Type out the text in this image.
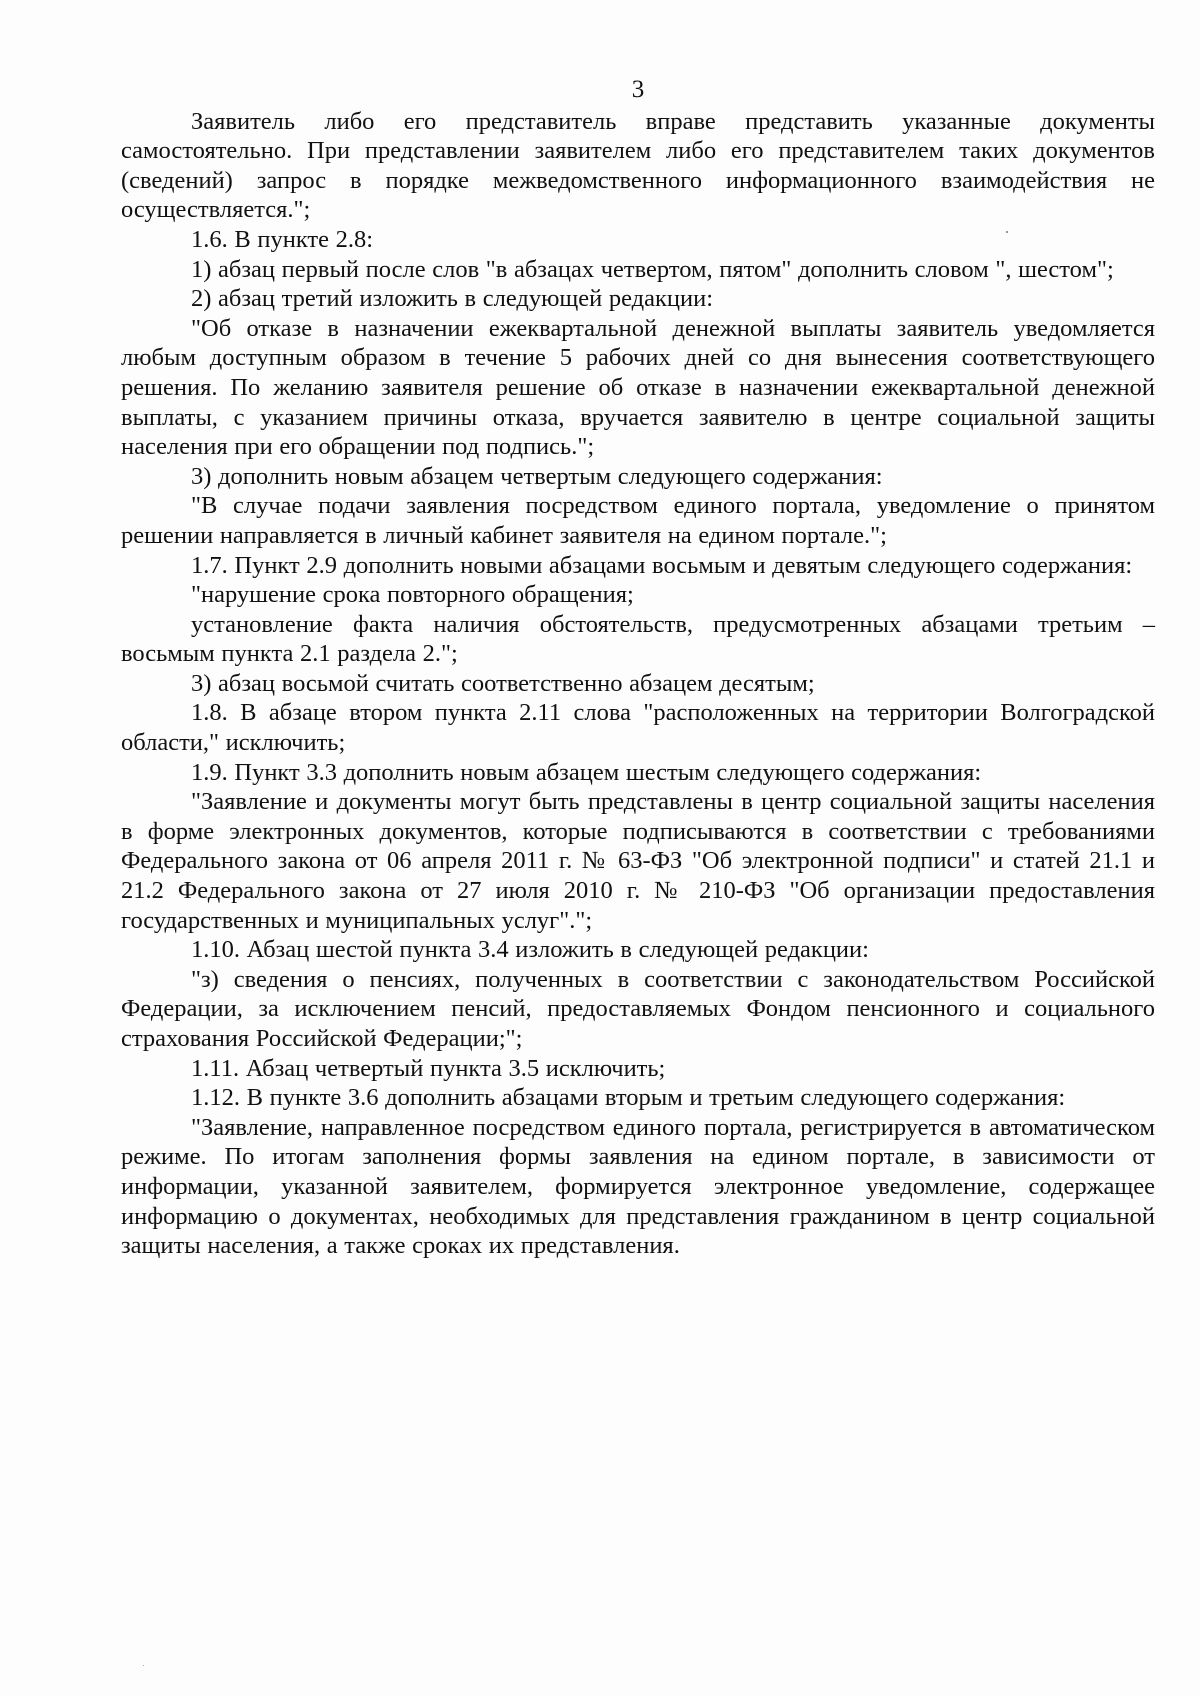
3

Заявитель либо его представитель вправе представить указанные документы самостоятельно. При представлении заявителем либо его представителем таких документов (сведений) запрос в порядке межведомственного информационного взаимодействия не осуществляется.";

1.6. В пункте 2.8:

1) абзац первый после слов "в абзацах четвертом, пятом" дополнить словом ", шестом";

2) абзац третий изложить в следующей редакции:

"Об отказе в назначении ежеквартальной денежной выплаты заявитель уведомляется любым доступным образом в течение 5 рабочих дней со дня вынесения соответствующего решения. По желанию заявителя решение об отказе в назначении ежеквартальной денежной выплаты, с указанием причины отказа, вручается заявителю в центре социальной защиты населения при его обращении под подпись.";

3) дополнить новым абзацем четвертым следующего содержания:

"В случае подачи заявления посредством единого портала, уведомление о принятом решении направляется в личный кабинет заявителя на едином портале.";

1.7. Пункт 2.9 дополнить новыми абзацами восьмым и девятым следующего содержания:

"нарушение срока повторного обращения;

установление факта наличия обстоятельств, предусмотренных абзацами третьим – восьмым пункта 2.1 раздела 2.";

3) абзац восьмой считать соответственно абзацем десятым;

1.8. В абзаце втором пункта 2.11 слова "расположенных на территории Волгоградской области," исключить;

1.9. Пункт 3.3 дополнить новым абзацем шестым следующего содержания:

"Заявление и документы могут быть представлены в центр социальной защиты населения в форме электронных документов, которые подписываются в соответствии с требованиями Федерального закона от 06 апреля 2011 г. № 63-ФЗ "Об электронной подписи" и статей 21.1 и 21.2 Федерального закона от 27 июля 2010 г. № 210-ФЗ "Об организации предоставления государственных и муниципальных услуг".";

1.10. Абзац шестой пункта 3.4 изложить в следующей редакции:

"з) сведения о пенсиях, полученных в соответствии с законодательством Российской Федерации, за исключением пенсий, предоставляемых Фондом пенсионного и социального страхования Российской Федерации;";

1.11. Абзац четвертый пункта 3.5 исключить;

1.12. В пункте 3.6 дополнить абзацами вторым и третьим следующего содержания:

"Заявление, направленное посредством единого портала, регистрируется в автоматическом режиме. По итогам заполнения формы заявления на едином портале, в зависимости от информации, указанной заявителем, формируется электронное уведомление, содержащее информацию о документах, необходимых для представления гражданином в центр социальной защиты населения, а также сроках их представления.
